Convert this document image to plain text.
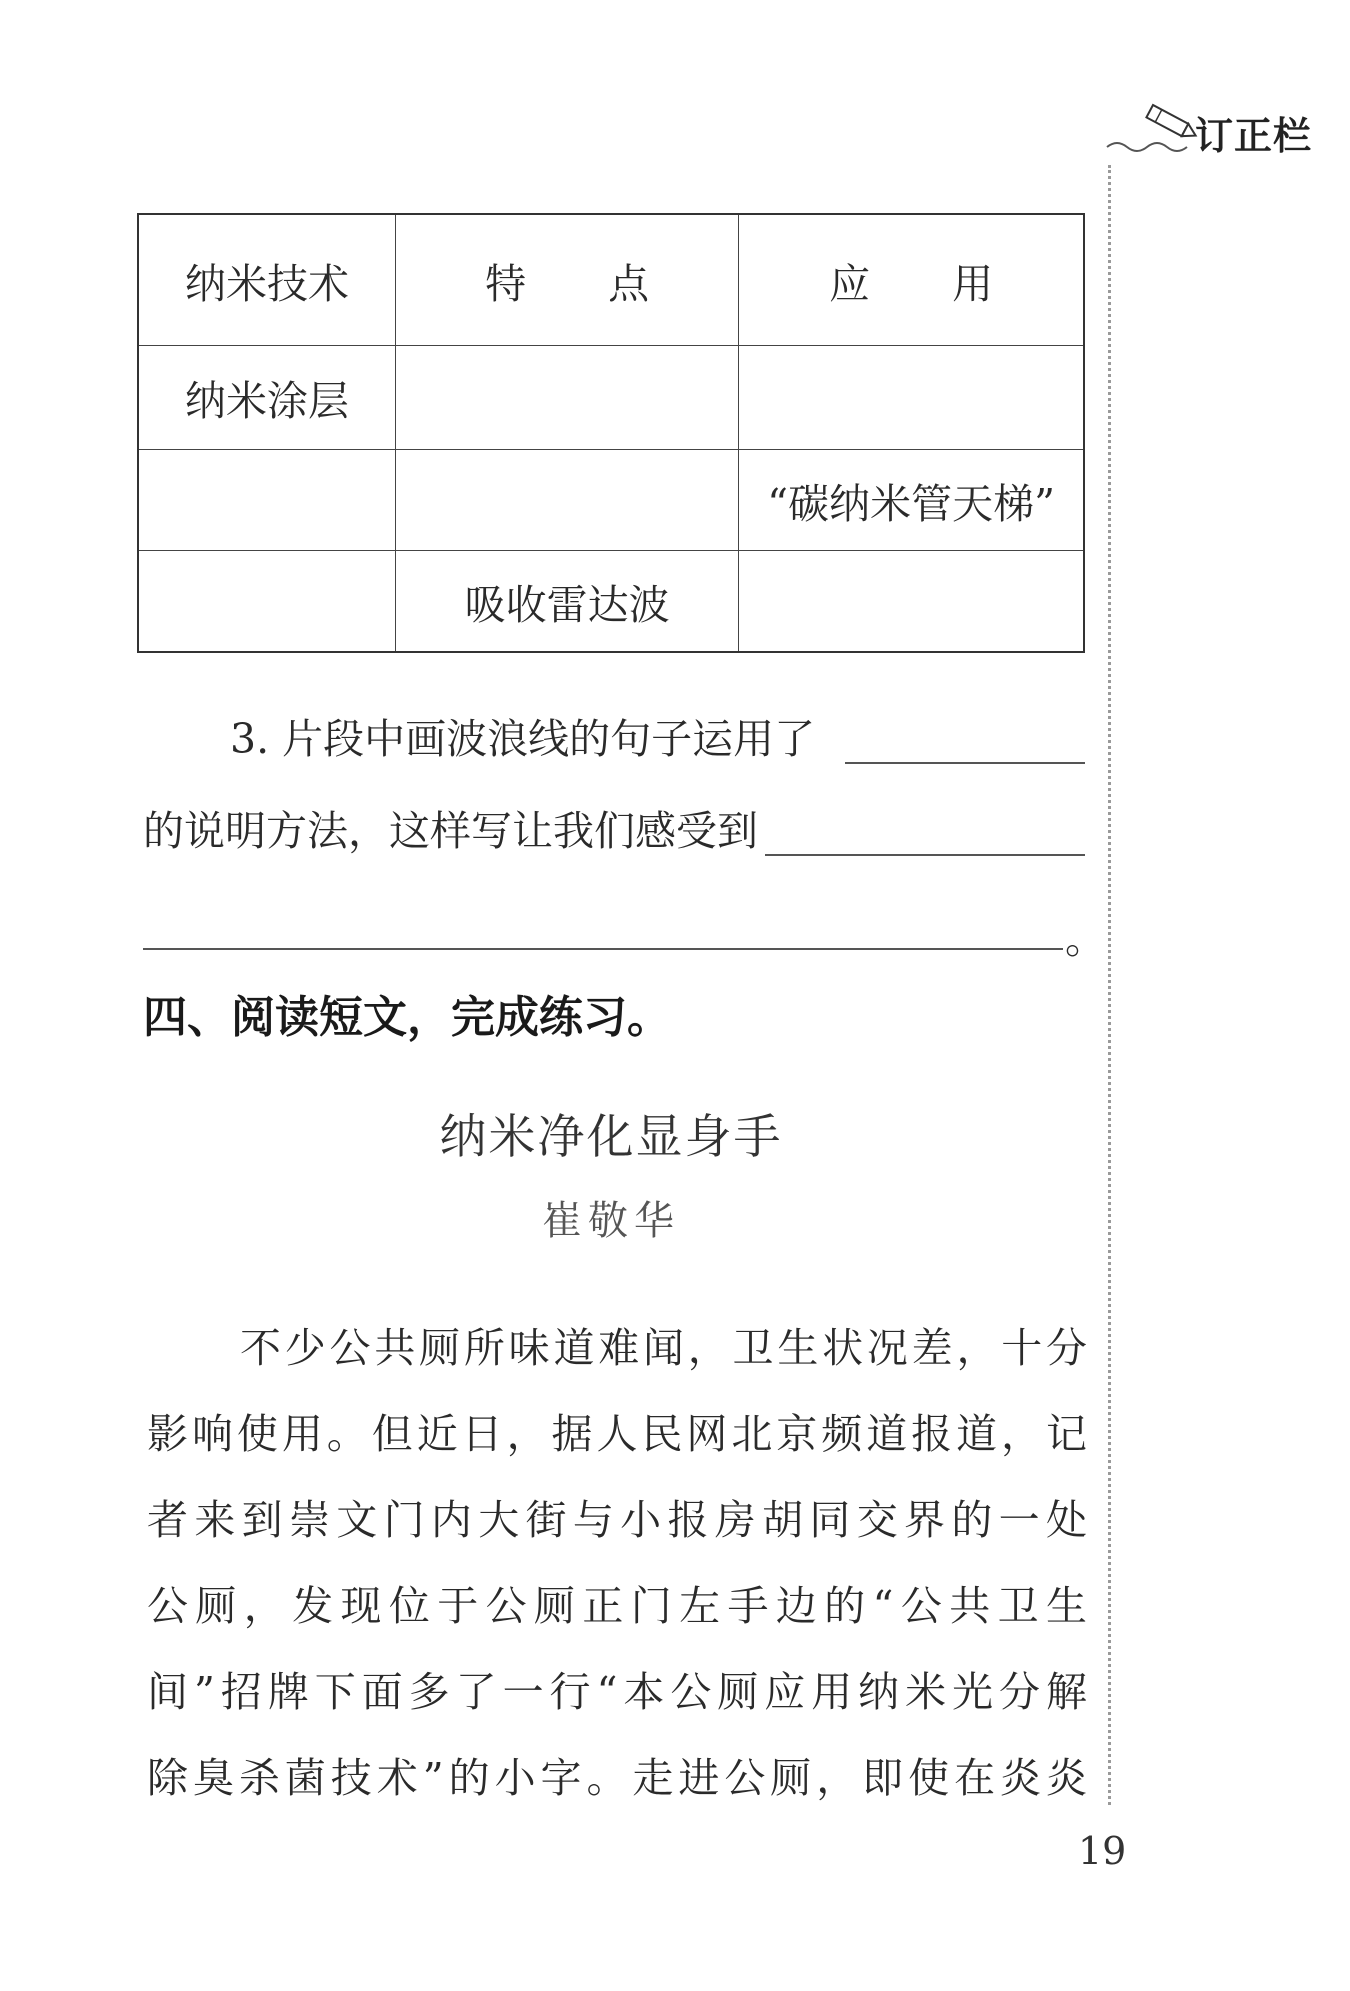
订正栏
纳米技术	特　　点	应　　用
纳米涂层		
		“碳纳米管天梯”
	吸收雷达波	
3. 片段中画波浪线的句子运用了
的说明方法，这样写让我们感受到
。
四、阅读短文，完成练习。
纳米净化显身手
崔敬华
不少公共厕所味道难闻，卫生状况差，十分
影响使用。但近日，据人民网北京频道报道，记
者来到崇文门内大街与小报房胡同交界的一处
公厕，发现位于公厕正门左手边的“公共卫生
间”招牌下面多了一行“本公厕应用纳米光分解
除臭杀菌技术”的小字。走进公厕，即使在炎炎
19
